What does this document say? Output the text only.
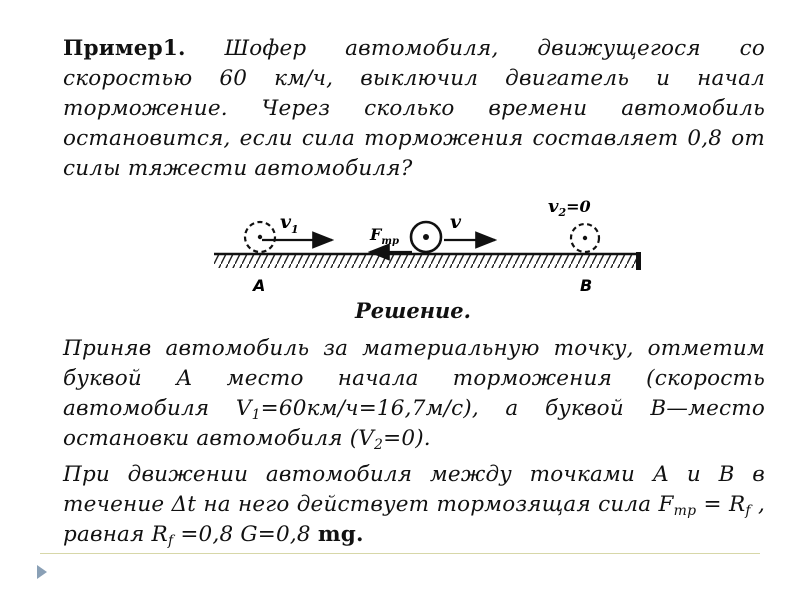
Пример1. Шофер автомобиля, движущегося со скоростью 60 км/ч, выключил двигатель и начал торможение. Через сколько времени автомобиль остановится, если сила торможения составляет 0,8 от силы тяжести автомобиля?
$v_1$	$F_{тр}$
v
$v_2=0$
A	B
Решение.
Приняв автомобиль за материальную точку, отметим буквой А место начала торможения (скорость автомобиля $V_1=60км/ч=16,7м/с$), а буквой В—место остановки автомобиля $(V_2=0)$.
При движении автомобиля между точками А и В в течение Δt на него действует тормозящая сила $F_{тр} = R_f$ , равная $R_f =0,8$ G=0,8 mg.
